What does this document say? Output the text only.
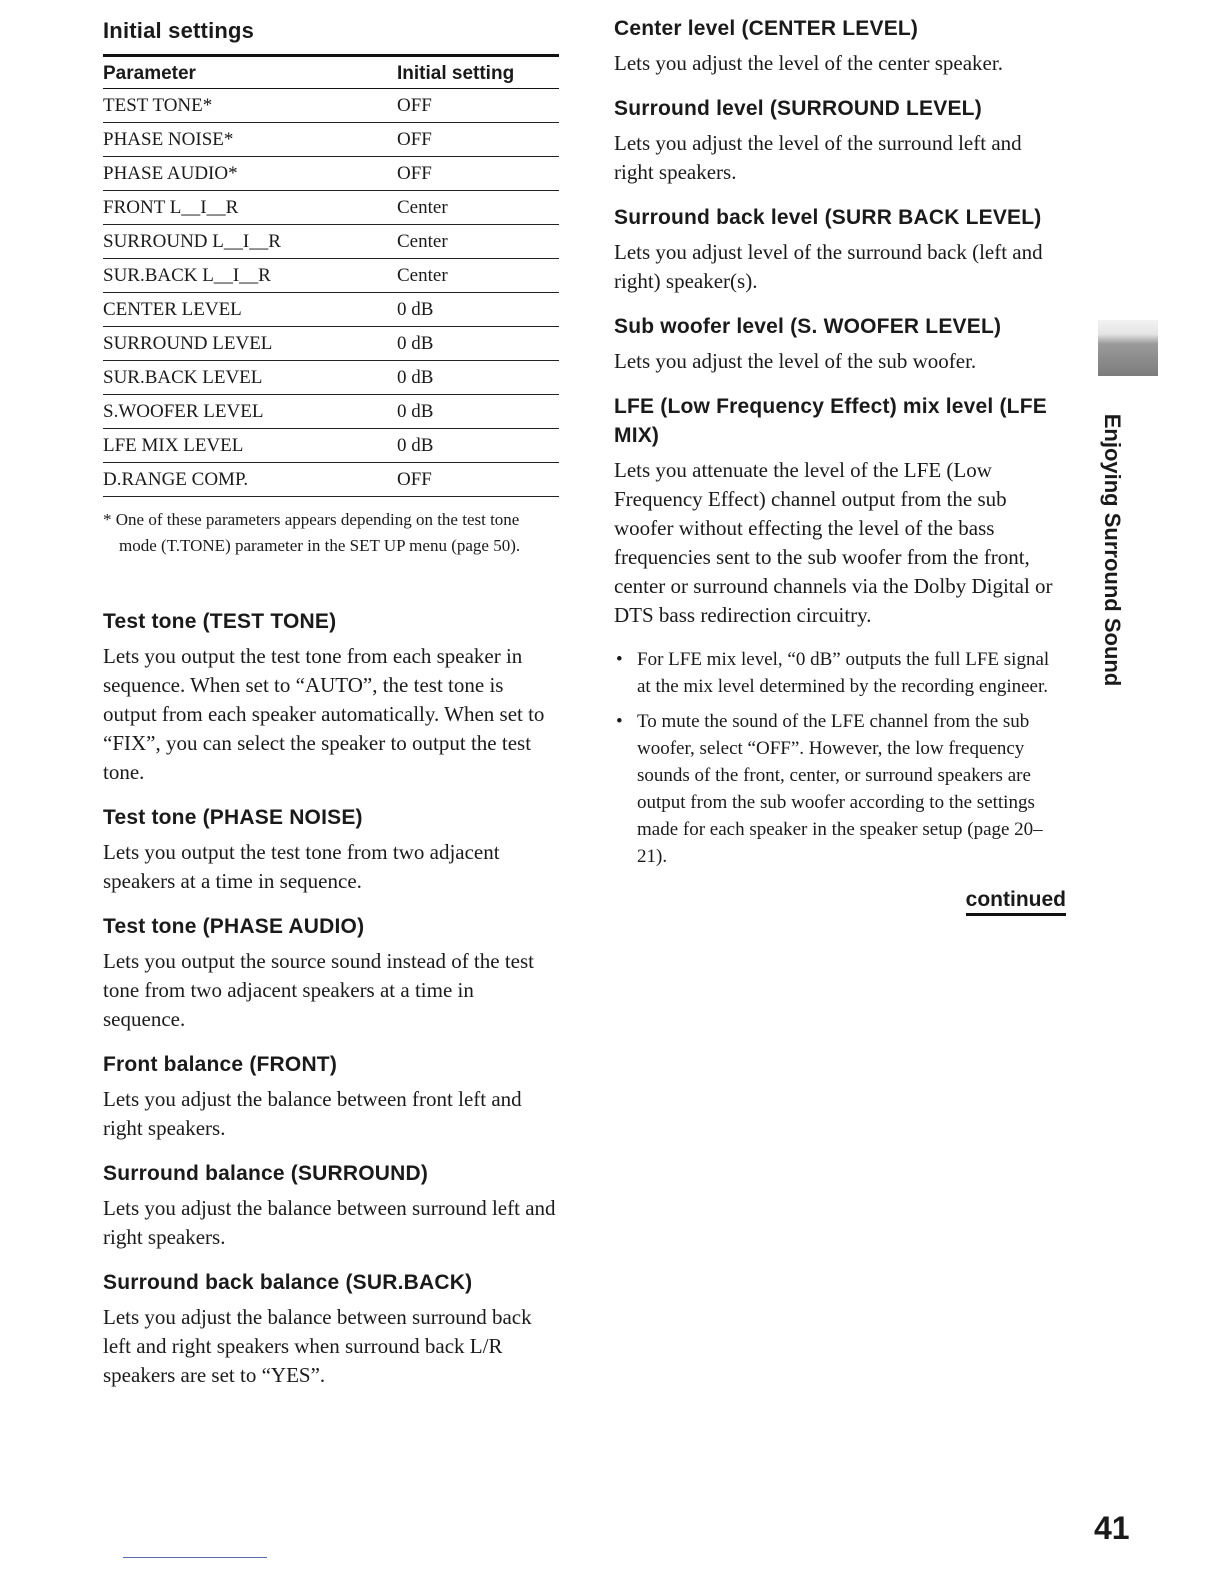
Initial settings
Parameter	Initial setting
TEST TONE*	OFF
PHASE NOISE*	OFF
PHASE AUDIO*	OFF
FRONT L__I__R	Center
SURROUND L__I__R	Center
SUR.BACK L__I__R	Center
CENTER LEVEL	0 dB
SURROUND LEVEL	0 dB
SUR.BACK LEVEL	0 dB
S.WOOFER LEVEL	0 dB
LFE MIX LEVEL	0 dB
D.RANGE COMP.	OFF

* One of these parameters appears depending on the test tone mode (T.TONE) parameter in the SET UP menu (page 50).

Test tone (TEST TONE)

Lets you output the test tone from each speaker in sequence. When set to “AUTO”, the test tone is output from each speaker automatically. When set to “FIX”, you can select the speaker to output the test tone.

Test tone (PHASE NOISE)

Lets you output the test tone from two adjacent speakers at a time in sequence.

Test tone (PHASE AUDIO)

Lets you output the source sound instead of the test tone from two adjacent speakers at a time in sequence.

Front balance (FRONT)

Lets you adjust the balance between front left and right speakers.

Surround balance (SURROUND)

Lets you adjust the balance between surround left and right speakers.

Surround back balance (SUR.BACK)

Lets you adjust the balance between surround back left and right speakers when surround back L/R speakers are set to “YES”.

Center level (CENTER LEVEL)

Lets you adjust the level of the center speaker.

Surround level (SURROUND LEVEL)

Lets you adjust the level of the surround left and right speakers.

Surround back level (SURR BACK LEVEL)

Lets you adjust level of the surround back (left and right) speaker(s).

Sub woofer level (S. WOOFER LEVEL)

Lets you adjust the level of the sub woofer.

LFE (Low Frequency Effect) mix level (LFE MIX)

Lets you attenuate the level of the LFE (Low Frequency Effect) channel output from the sub woofer without effecting the level of the bass frequencies sent to the sub woofer from the front, center or surround channels via the Dolby Digital or DTS bass redirection circuitry.

• For LFE mix level, “0 dB” outputs the full LFE signal at the mix level determined by the recording engineer.
• To mute the sound of the LFE channel from the sub woofer, select “OFF”. However, the low frequency sounds of the front, center, or surround speakers are output from the sub woofer according to the settings made for each speaker in the speaker setup (page 20–21).
continued
Enjoying Surround Sound
41
